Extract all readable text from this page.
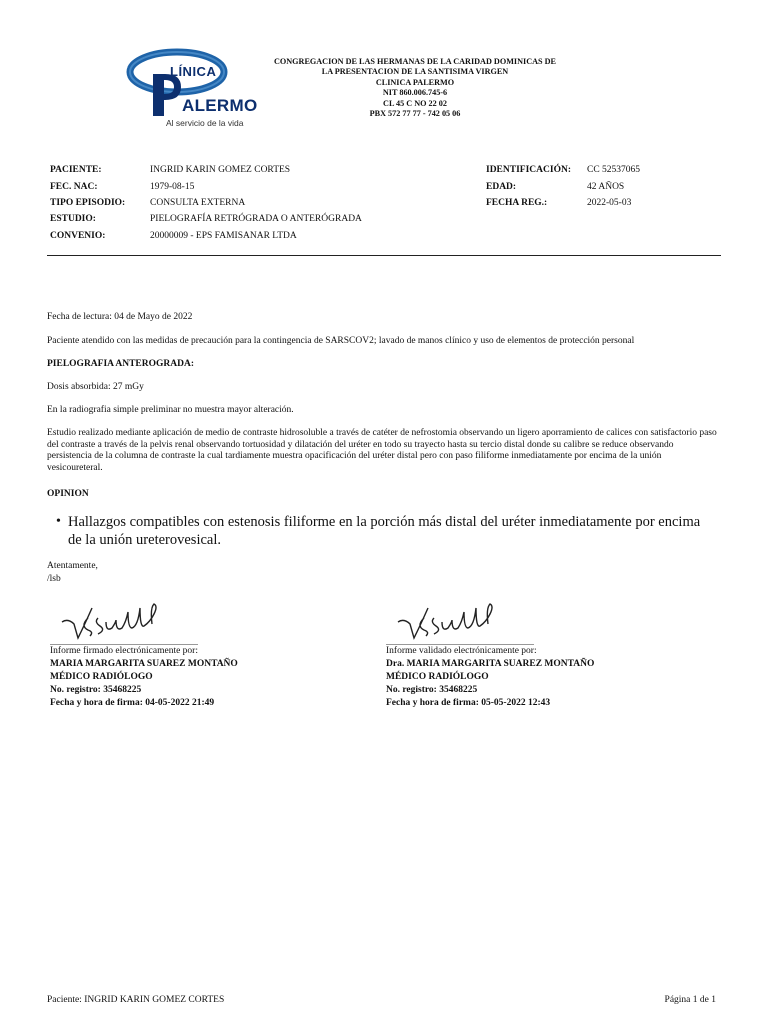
LÍNICA
ALERMO
Al servicio de la vida
CONGREGACION DE LAS HERMANAS DE LA CARIDAD DOMINICAS DE
LA PRESENTACION DE LA SANTISIMA VIRGEN
CLINICA PALERMO
NIT 860.006.745-6
CL 45 C NO 22 02
PBX 572 77 77 - 742 05 06
PACIENTE:	INGRID KARIN GOMEZ CORTES
FEC. NAC:	1979-08-15
TIPO EPISODIO:	CONSULTA EXTERNA
ESTUDIO:	PIELOGRAFÍA RETRÓGRADA O ANTERÓGRADA
CONVENIO:	20000009 - EPS FAMISANAR LTDA
IDENTIFICACIÓN: CC 52537065
EDAD:	42 AÑOS
FECHA REG.:	2022-05-03
Fecha de lectura: 04 de Mayo de 2022
Paciente atendido con las medidas de precaución para la contingencia de SARSCOV2; lavado de manos clínico y uso de elementos de protección personal
PIELOGRAFIA ANTEROGRADA:
Dosis absorbida: 27 mGy
En la radiografia simple preliminar no muestra mayor alteración.
Estudio realizado mediante aplicación de medio de contraste hidrosoluble a través de catéter de nefrostomia observando un ligero aporramiento de calices con satisfactorio paso del contraste a través de la pelvis renal observando tortuosidad y dilatación del uréter en todo su trayecto hasta su tercio distal donde su calibre se reduce observando persistencia de la columna de contraste la cual tardiamente muestra opacificación del uréter distal pero con paso filiforme inmediatamente por encima de la unión vesicoureteral.
OPINION
• Hallazgos compatibles con estenosis filiforme en la porción más distal del uréter inmediatamente por encima de la unión ureterovesical.
Atentamente,
/lsb
Informe firmado electrónicamente por:
MARIA MARGARITA SUAREZ MONTAÑO
MÉDICO RADIÓLOGO
No. registro: 35468225
Fecha y hora de firma: 04-05-2022 21:49
Informe validado electrónicamente por:
Dra. MARIA MARGARITA SUAREZ MONTAÑO
MÉDICO RADIÓLOGO
No. registro: 35468225
Fecha y hora de firma: 05-05-2022 12:43
Paciente: INGRID KARIN GOMEZ CORTES	Página 1 de 1
